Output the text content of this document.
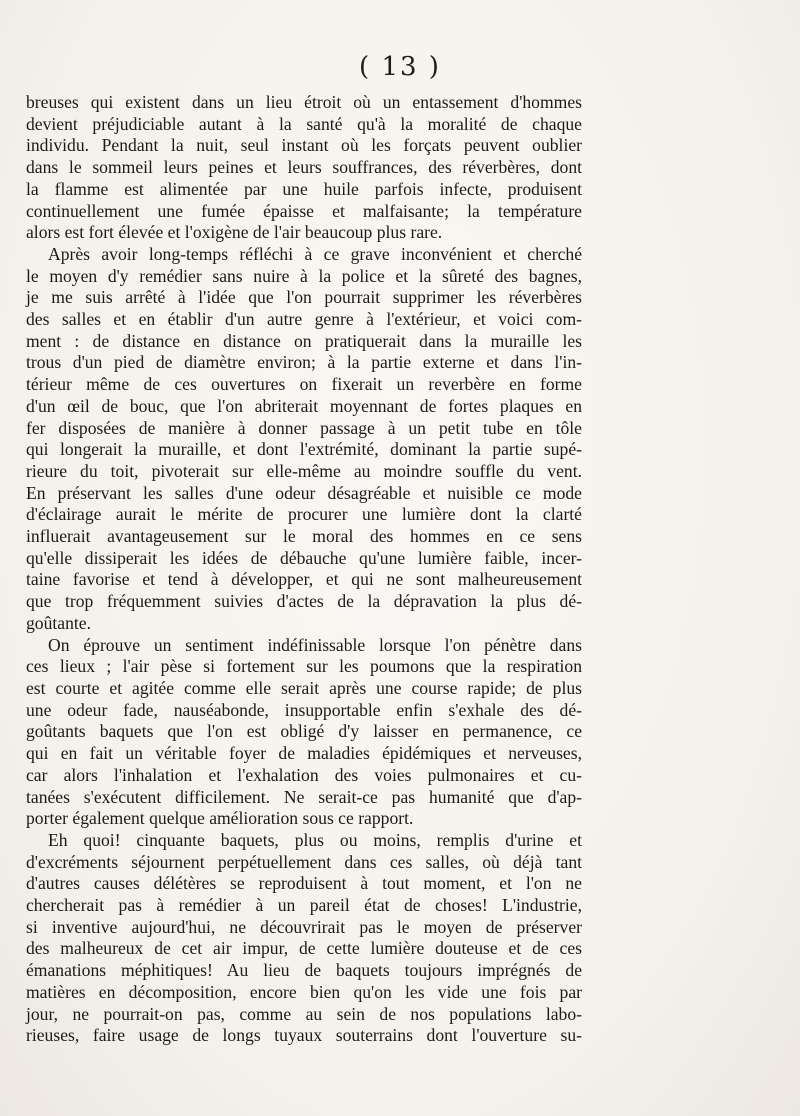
( 13 )

breuses qui existent dans un lieu étroit où un entassement d'hommes
devient préjudiciable autant à la santé qu'à la moralité de chaque
individu. Pendant la nuit, seul instant où les forçats peuvent oublier
dans le sommeil leurs peines et leurs souffrances, des réverbères, dont
la flamme est alimentée par une huile parfois infecte, produisent
continuellement une fumée épaisse et malfaisante; la température
alors est fort élevée et l'oxigène de l'air beaucoup plus rare.

Après avoir long-temps réfléchi à ce grave inconvénient et cherché
le moyen d'y remédier sans nuire à la police et la sûreté des bagnes,
je me suis arrêté à l'idée que l'on pourrait supprimer les réverbères
des salles et en établir d'un autre genre à l'extérieur, et voici com-
ment : de distance en distance on pratiquerait dans la muraille les
trous d'un pied de diamètre environ; à la partie externe et dans l'in-
térieur même de ces ouvertures on fixerait un reverbère en forme
d'un œil de bouc, que l'on abriterait moyennant de fortes plaques en
fer disposées de manière à donner passage à un petit tube en tôle
qui longerait la muraille, et dont l'extrémité, dominant la partie supé-
rieure du toit, pivoterait sur elle-même au moindre souffle du vent.
En préservant les salles d'une odeur désagréable et nuisible ce mode
d'éclairage aurait le mérite de procurer une lumière dont la clarté
influerait avantageusement sur le moral des hommes en ce sens
qu'elle dissiperait les idées de débauche qu'une lumière faible, incer-
taine favorise et tend à développer, et qui ne sont malheureusement
que trop fréquemment suivies d'actes de la dépravation la plus dé-
goûtante.

On éprouve un sentiment indéfinissable lorsque l'on pénètre dans
ces lieux ; l'air pèse si fortement sur les poumons que la respiration
est courte et agitée comme elle serait après une course rapide; de plus
une odeur fade, nauséabonde, insupportable enfin s'exhale des dé-
goûtants baquets que l'on est obligé d'y laisser en permanence, ce
qui en fait un véritable foyer de maladies épidémiques et nerveuses,
car alors l'inhalation et l'exhalation des voies pulmonaires et cu-
tanées s'exécutent difficilement. Ne serait-ce pas humanité que d'ap-
porter également quelque amélioration sous ce rapport.

Eh quoi! cinquante baquets, plus ou moins, remplis d'urine et
d'excréments séjournent perpétuellement dans ces salles, où déjà tant
d'autres causes délétères se reproduisent à tout moment, et l'on ne
chercherait pas à remédier à un pareil état de choses! L'industrie,
si inventive aujourd'hui, ne découvrirait pas le moyen de préserver
des malheureux de cet air impur, de cette lumière douteuse et de ces
émanations méphitiques! Au lieu de baquets toujours imprégnés de
matières en décomposition, encore bien qu'on les vide une fois par
jour, ne pourrait-on pas, comme au sein de nos populations labo-
rieuses, faire usage de longs tuyaux souterrains dont l'ouverture su-
